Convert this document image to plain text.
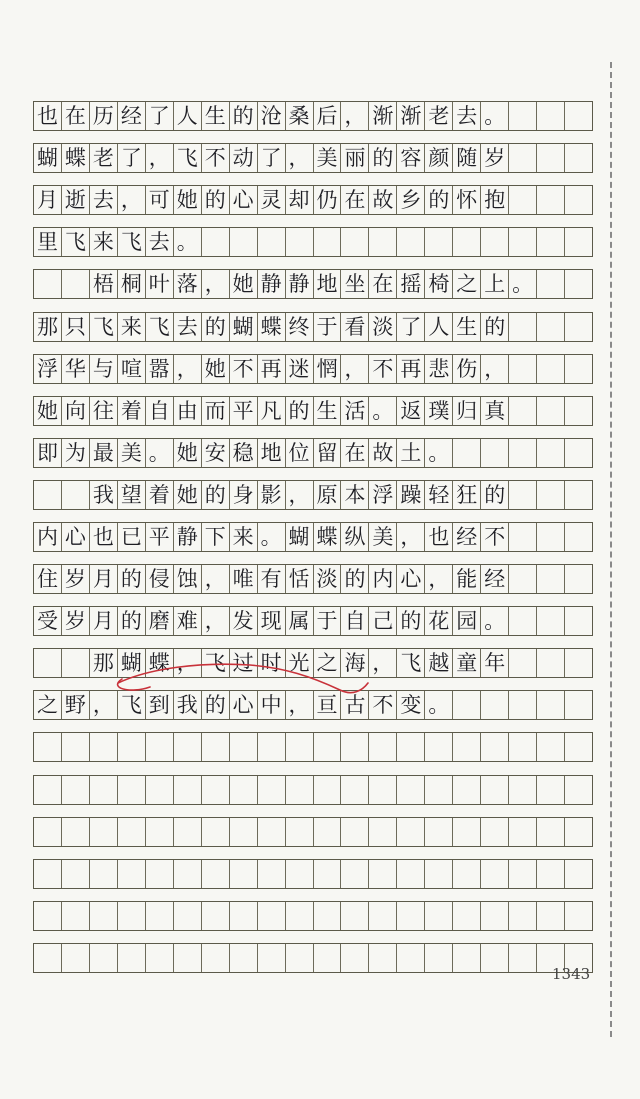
也 在 历 经 了 人 生 的 沧 桑 后 ， 渐 渐 老 去 。
蝴 蝶 老 了 ， 飞 不 动 了 ， 美 丽 的 容 颜 随 岁
月 逝 去 ， 可 她 的 心 灵 却 仍 在 故 乡 的 怀 抱
里 飞 来 飞 去 。
梧 桐 叶 落 ， 她 静 静 地 坐 在 摇 椅 之 上 。
那 只 飞 来 飞 去 的 蝴 蝶 终 于 看 淡 了 人 生 的
浮 华 与 喧 嚣 ， 她 不 再 迷 惘 ， 不 再 悲 伤 ，
她 向 往 着 自 由 而 平 凡 的 生 活 。 返 璞 归 真
即 为 最 美 。 她 安 稳 地 位 留 在 故 土 。
我 望 着 她 的 身 影 ， 原 本 浮 躁 轻 狂 的
内 心 也 已 平 静 下 来 。 蝴 蝶 纵 美 ， 也 经 不
住 岁 月 的 侵 蚀 ， 唯 有 恬 淡 的 内 心 ， 能 经
受 岁 月 的 磨 难 ， 发 现 属 于 自 己 的 花 园 。
那 蝴 蝶 ， 飞 过 时 光 之 海 ， 飞 越 童 年
之 野 ， 飞 到 我 的 心 中 ， 亘 古 不 变 。
1343
